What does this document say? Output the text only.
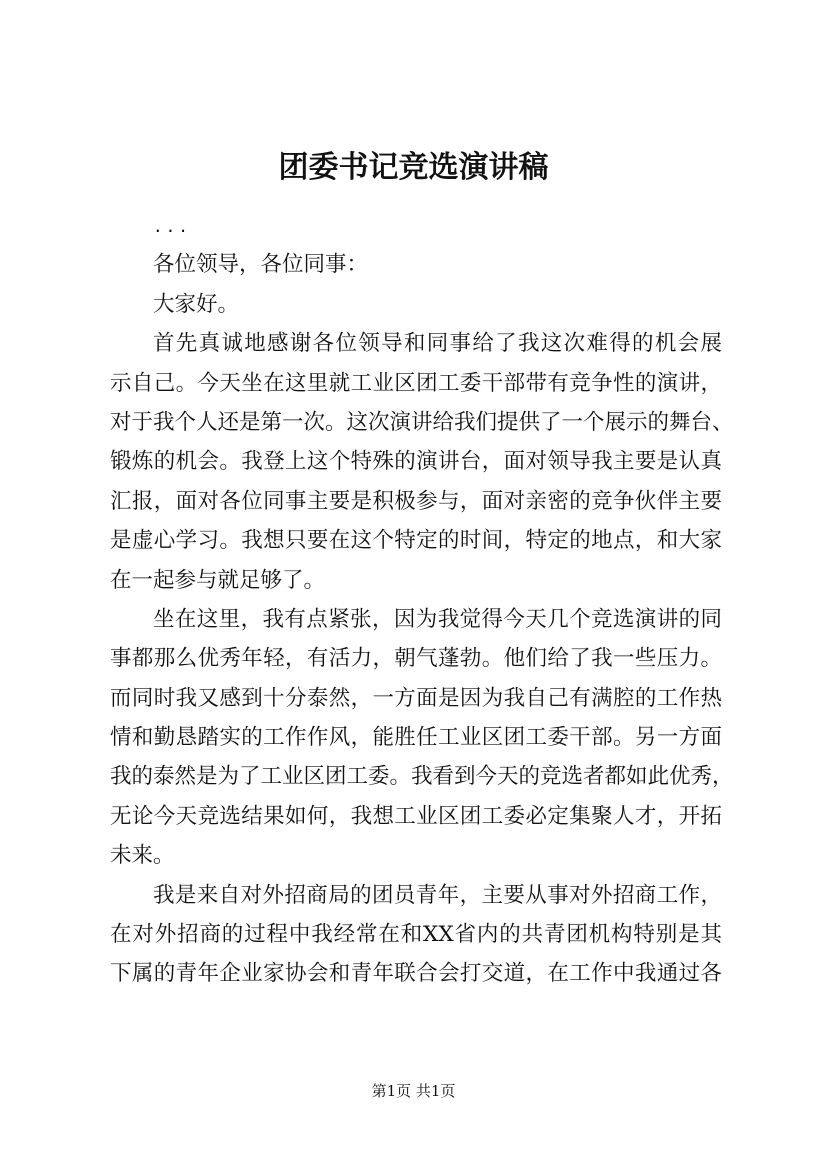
团委书记竞选演讲稿
...
各位领导，各位同事：
大家好。
首先真诚地感谢各位领导和同事给了我这次难得的机会展
示自己。今天坐在这里就工业区团工委干部带有竞争性的演讲，
对于我个人还是第一次。这次演讲给我们提供了一个展示的舞台、
锻炼的机会。我登上这个特殊的演讲台，面对领导我主要是认真
汇报，面对各位同事主要是积极参与，面对亲密的竞争伙伴主要
是虚心学习。我想只要在这个特定的时间，特定的地点，和大家
在一起参与就足够了。
坐在这里，我有点紧张，因为我觉得今天几个竞选演讲的同
事都那么优秀年轻，有活力，朝气蓬勃。他们给了我一些压力。
而同时我又感到十分泰然，一方面是因为我自己有满腔的工作热
情和勤恳踏实的工作作风，能胜任工业区团工委干部。另一方面
我的泰然是为了工业区团工委。我看到今天的竞选者都如此优秀，
无论今天竞选结果如何，我想工业区团工委必定集聚人才，开拓
未来。
我是来自对外招商局的团员青年，主要从事对外招商工作，
在对外招商的过程中我经常在和XX省内的共青团机构特别是其
下属的青年企业家协会和青年联合会打交道，在工作中我通过各
第1页 共1页
